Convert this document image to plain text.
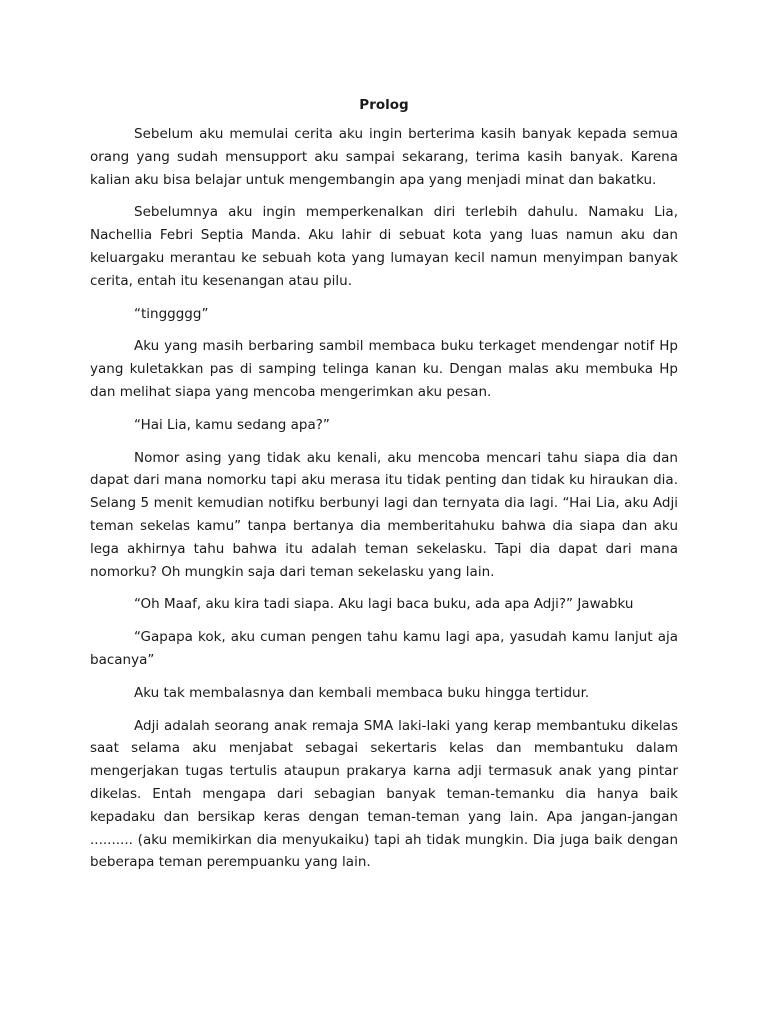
Prolog

Sebelum aku memulai cerita aku ingin berterima kasih banyak kepada semua orang yang sudah mensupport aku sampai sekarang, terima kasih banyak. Karena kalian aku bisa belajar untuk mengembangin apa yang menjadi minat dan bakatku.

Sebelumnya aku ingin memperkenalkan diri terlebih dahulu. Namaku Lia, Nachellia Febri Septia Manda. Aku lahir di sebuat kota yang luas namun aku dan keluargaku merantau ke sebuah kota yang lumayan kecil namun menyimpan banyak cerita, entah itu kesenangan atau pilu.

“tinggggg”

Aku yang masih berbaring sambil membaca buku terkaget mendengar notif Hp yang kuletakkan pas di samping telinga kanan ku. Dengan malas aku membuka Hp dan melihat siapa yang mencoba mengerimkan aku pesan.

“Hai Lia, kamu sedang apa?”

Nomor asing yang tidak aku kenali, aku mencoba mencari tahu siapa dia dan dapat dari mana nomorku tapi aku merasa itu tidak penting dan tidak ku hiraukan dia. Selang 5 menit kemudian notifku berbunyi lagi dan ternyata dia lagi. “Hai Lia, aku Adji teman sekelas kamu” tanpa bertanya dia memberitahuku bahwa dia siapa dan aku lega akhirnya tahu bahwa itu adalah teman sekelasku. Tapi dia dapat dari mana nomorku? Oh mungkin saja dari teman sekelasku yang lain.

“Oh Maaf, aku kira tadi siapa. Aku lagi baca buku, ada apa Adji?” Jawabku

“Gapapa kok, aku cuman pengen tahu kamu lagi apa, yasudah kamu lanjut aja bacanya”

Aku tak membalasnya dan kembali membaca buku hingga tertidur.

Adji adalah seorang anak remaja SMA laki-laki yang kerap membantuku dikelas saat selama aku menjabat sebagai sekertaris kelas dan membantuku dalam mengerjakan tugas tertulis ataupun prakarya karna adji termasuk anak yang pintar dikelas. Entah mengapa dari sebagian banyak teman-temanku dia hanya baik kepadaku dan bersikap keras dengan teman-teman yang lain. Apa jangan-jangan .......... (aku memikirkan dia menyukaiku) tapi ah tidak mungkin. Dia juga baik dengan beberapa teman perempuanku yang lain.
